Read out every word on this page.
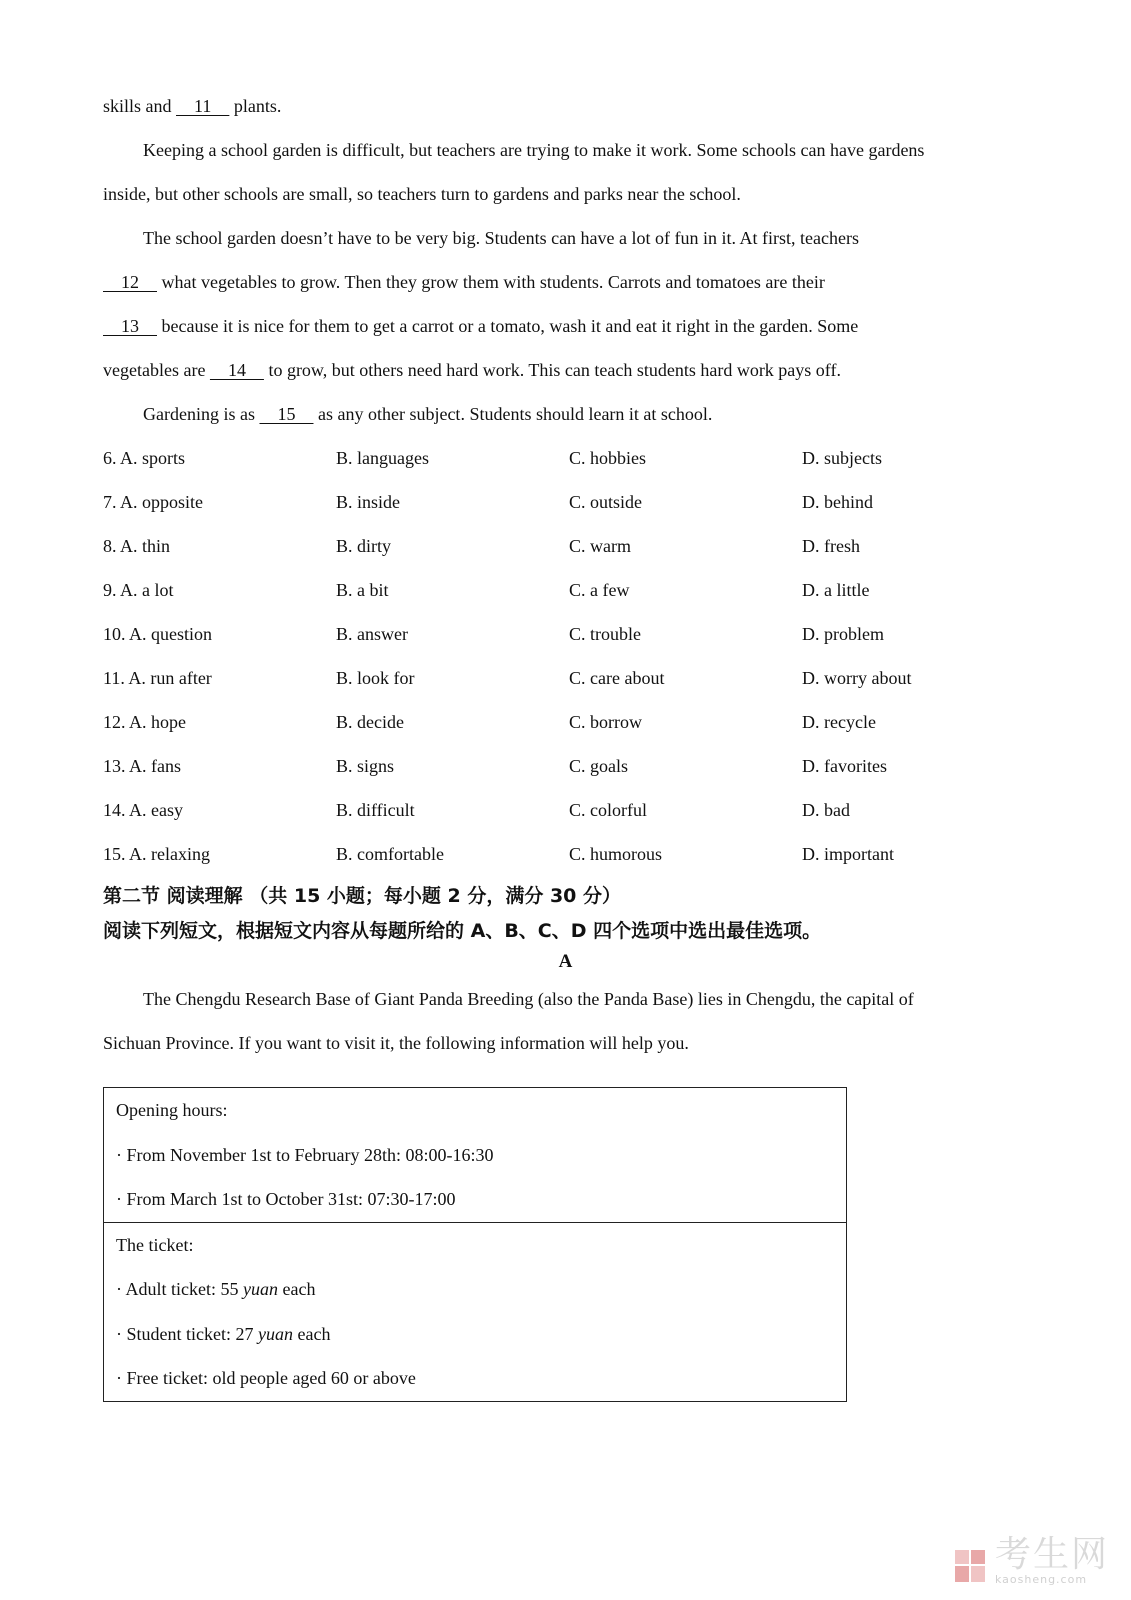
skills and     11     plants.
Keeping a school garden is difficult, but teachers are trying to make it work. Some schools can have gardens
inside, but other schools are small, so teachers turn to gardens and parks near the school.
The school garden doesn’t have to be very big. Students can have a lot of fun in it. At first, teachers
12     what vegetables to grow. Then they grow them with students. Carrots and tomatoes are their
13     because it is nice for them to get a carrot or a tomato, wash it and eat it right in the garden. Some
vegetables are     14     to grow, but others need hard work. This can teach students hard work pays off.
Gardening is as     15     as any other subject. Students should learn it at school.
6. A. sports	B. languages	C. hobbies	D. subjects
7. A. opposite	B. inside	C. outside	D. behind
8. A. thin	B. dirty	C. warm	D. fresh
9. A. a lot	B. a bit	C. a few	D. a little
10. A. question	B. answer	C. trouble	D. problem
11. A. run after	B. look for	C. care about	D. worry about
12. A. hope	B. decide	C. borrow	D. recycle
13. A. fans	B. signs	C. goals	D. favorites
14. A. easy	B. difficult	C. colorful	D. bad
15. A. relaxing	B. comfortable	C. humorous	D. important
第二节 阅读理解 （共 15 小题；每小题 2 分，满分 30 分）
阅读下列短文，根据短文内容从每题所给的 A、B、C、D 四个选项中选出最佳选项。
A
The Chengdu Research Base of Giant Panda Breeding (also the Panda Base) lies in Chengdu, the capital of
Sichuan Province. If you want to visit it, the following information will help you.
Opening hours:
· From November 1st to February 28th: 08:00-16:30
· From March 1st to October 31st: 07:30-17:00
The ticket:
· Adult ticket: 55 yuan each
· Student ticket: 27 yuan each
· Free ticket: old people aged 60 or above
考生网
kaosheng.com
